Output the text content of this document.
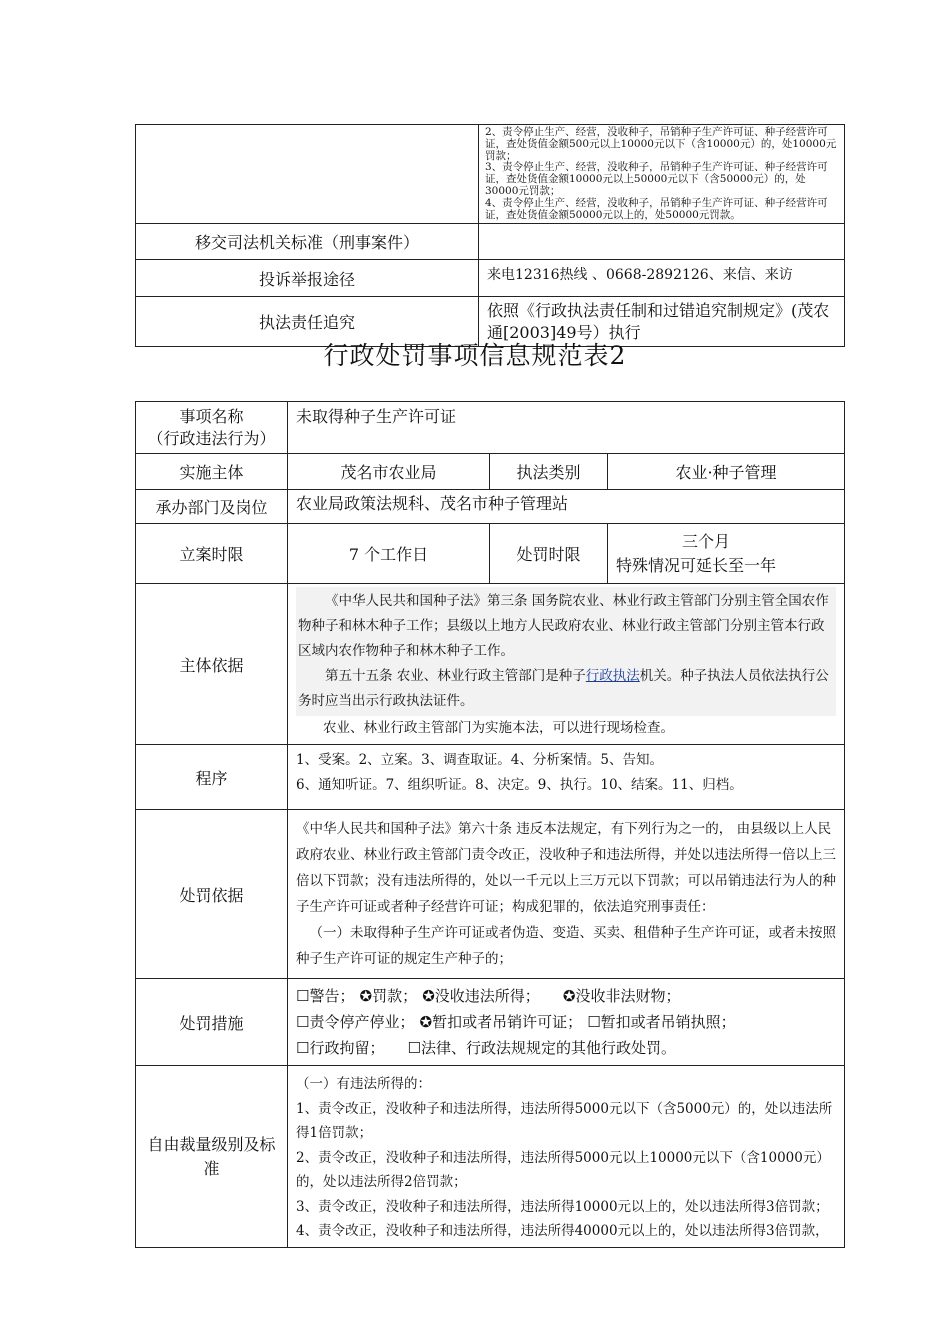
	2、责令停止生产、经营，没收种子，吊销种子生产许可证、种子经营许可证，查处货值金额500元以上10000元以下（含10000元）的，处10000元罚款；

3、责令停止生产、经营，没收种子，吊销种子生产许可证、种子经营许可证，查处货值金额10000元以上50000元以下（含50000元）的，处30000元罚款；

4、责令停止生产、经营，没收种子，吊销种子生产许可证、种子经营许可证，查处货值金额50000元以上的，处50000元罚款。

移交司法机关标准（刑事案件）	
投诉举报途径	来电12316热线 、0668-2892126、来信、来访
执法责任追究	依照《行政执法责任制和过错追究制规定》(茂农通[2003]49号）执行
行政处罚事项信息规范表2
事项名称
（行政违法行为）	未取得种子生产许可证		
实施主体	茂名市农业局	执法类别	农业·种子管理
承办部门及岗位	农业局政策法规科、茂名市种子管理站		
立案时限	7 个工作日	处罚时限	三个月
特殊情况可延长至一年

主体依据	《中华人民共和国种子法》第三条 国务院农业、林业行政主管部门分别主管全国农作物种子和林木种子工作；县级以上地方人民政府农业、林业行政主管部门分别主管本行政区域内农作物种子和林木种子工作。

第五十五条 农业、林业行政主管部门是种子行政执法机关。种子执法人员依法执行公务时应当出示行政执法证件。

农业、林业行政主管部门为实施本法，可以进行现场检查。		

程序	1、受案。2、立案。3、调查取证。4、分析案情。5、告知。

6、通知听证。7、组织听证。8、决定。9、执行。10、结案。11、归档。		

处罚依据	《中华人民共和国种子法》第六十条 违反本法规定，有下列行为之一的， 由县级以上人民政府农业、林业行政主管部门责令改正，没收种子和违法所得，并处以违法所得一倍以上三倍以下罚款；没有违法所得的，处以一千元以上三万元以下罚款；可以吊销违法行为人的种子生产许可证或者种子经营许可证；构成犯罪的，依法追究刑事责任：

（一）未取得种子生产许可证或者伪造、变造、买卖、租借种子生产许可证，或者未按照种子生产许可证的规定生产种子的；		

处罚措施	☐警告； ✪罚款； ✪没收违法所得； ✪没收非法财物；
☐责令停产停业； ✪暂扣或者吊销许可证； ☐暂扣或者吊销执照；
☐行政拘留； ☐法律、行政法规规定的其他行政处罚。		

自由裁量级别及标准	（一）有违法所得的：

1、责令改正，没收种子和违法所得，违法所得5000元以下（含5000元）的，处以违法所得1倍罚款；

2、责令改正，没收种子和违法所得，违法所得5000元以上10000元以下（含10000元）的，处以违法所得2倍罚款；

3、责令改正，没收种子和违法所得，违法所得10000元以上的，处以违法所得3倍罚款；

4、责令改正，没收种子和违法所得，违法所得40000元以上的，处以违法所得3倍罚款，		
